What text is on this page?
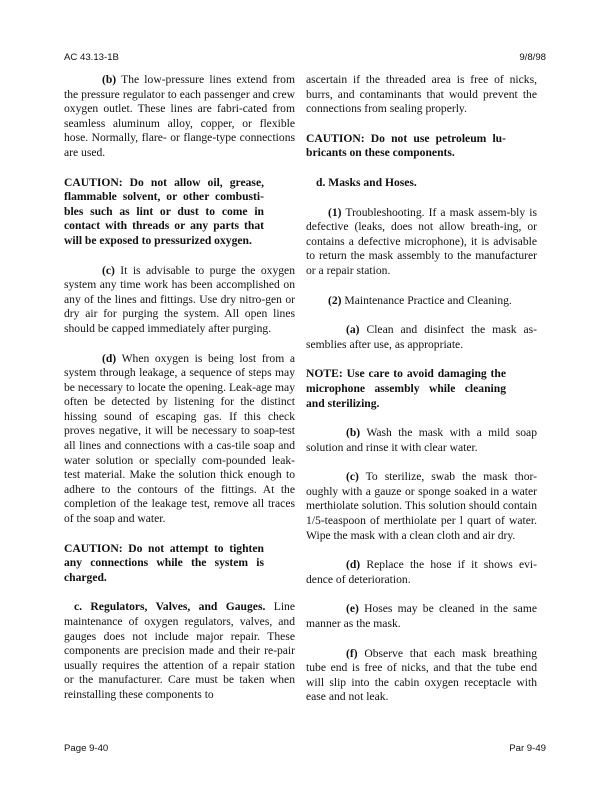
AC 43.13-1B	9/8/98

(b) The low-pressure lines extend from the pressure regulator to each passenger and crew oxygen outlet. These lines are fabri-cated from seamless aluminum alloy, copper, or flexible hose. Normally, flare- or flange-type connections are used.

CAUTION: Do not allow oil, grease, flammable solvent, or other combusti-bles such as lint or dust to come in contact with threads or any parts that will be exposed to pressurized oxygen.

(c) It is advisable to purge the oxygen system any time work has been accomplished on any of the lines and fittings. Use dry nitro-gen or dry air for purging the system. All open lines should be capped immediately after purging.

(d) When oxygen is being lost from a system through leakage, a sequence of steps may be necessary to locate the opening. Leak-age may often be detected by listening for the distinct hissing sound of escaping gas. If this check proves negative, it will be necessary to soap-test all lines and connections with a cas-tile soap and water solution or specially com-pounded leak-test material. Make the solution thick enough to adhere to the contours of the fittings. At the completion of the leakage test, remove all traces of the soap and water.

CAUTION: Do not attempt to tighten any connections while the system is charged.

c. Regulators, Valves, and Gauges. Line maintenance of oxygen regulators, valves, and gauges does not include major repair. These components are precision made and their re-pair usually requires the attention of a repair station or the manufacturer. Care must be taken when reinstalling these components to

ascertain if the threaded area is free of nicks, burrs, and contaminants that would prevent the connections from sealing properly.

CAUTION: Do not use petroleum lu-bricants on these components.

d. Masks and Hoses.

(1) Troubleshooting. If a mask assem-bly is defective (leaks, does not allow breath-ing, or contains a defective microphone), it is advisable to return the mask assembly to the manufacturer or a repair station.

(2) Maintenance Practice and Cleaning.

(a) Clean and disinfect the mask as-semblies after use, as appropriate.

NOTE: Use care to avoid damaging the microphone assembly while cleaning and sterilizing.

(b) Wash the mask with a mild soap solution and rinse it with clear water.

(c) To sterilize, swab the mask thor-oughly with a gauze or sponge soaked in a water merthiolate solution. This solution should contain 1/5-teaspoon of merthiolate per l quart of water. Wipe the mask with a clean cloth and air dry.

(d) Replace the hose if it shows evi-dence of deterioration.

(e) Hoses may be cleaned in the same manner as the mask.

(f) Observe that each mask breathing tube end is free of nicks, and that the tube end will slip into the cabin oxygen receptacle with ease and not leak.

Page 9-40	Par 9-49
